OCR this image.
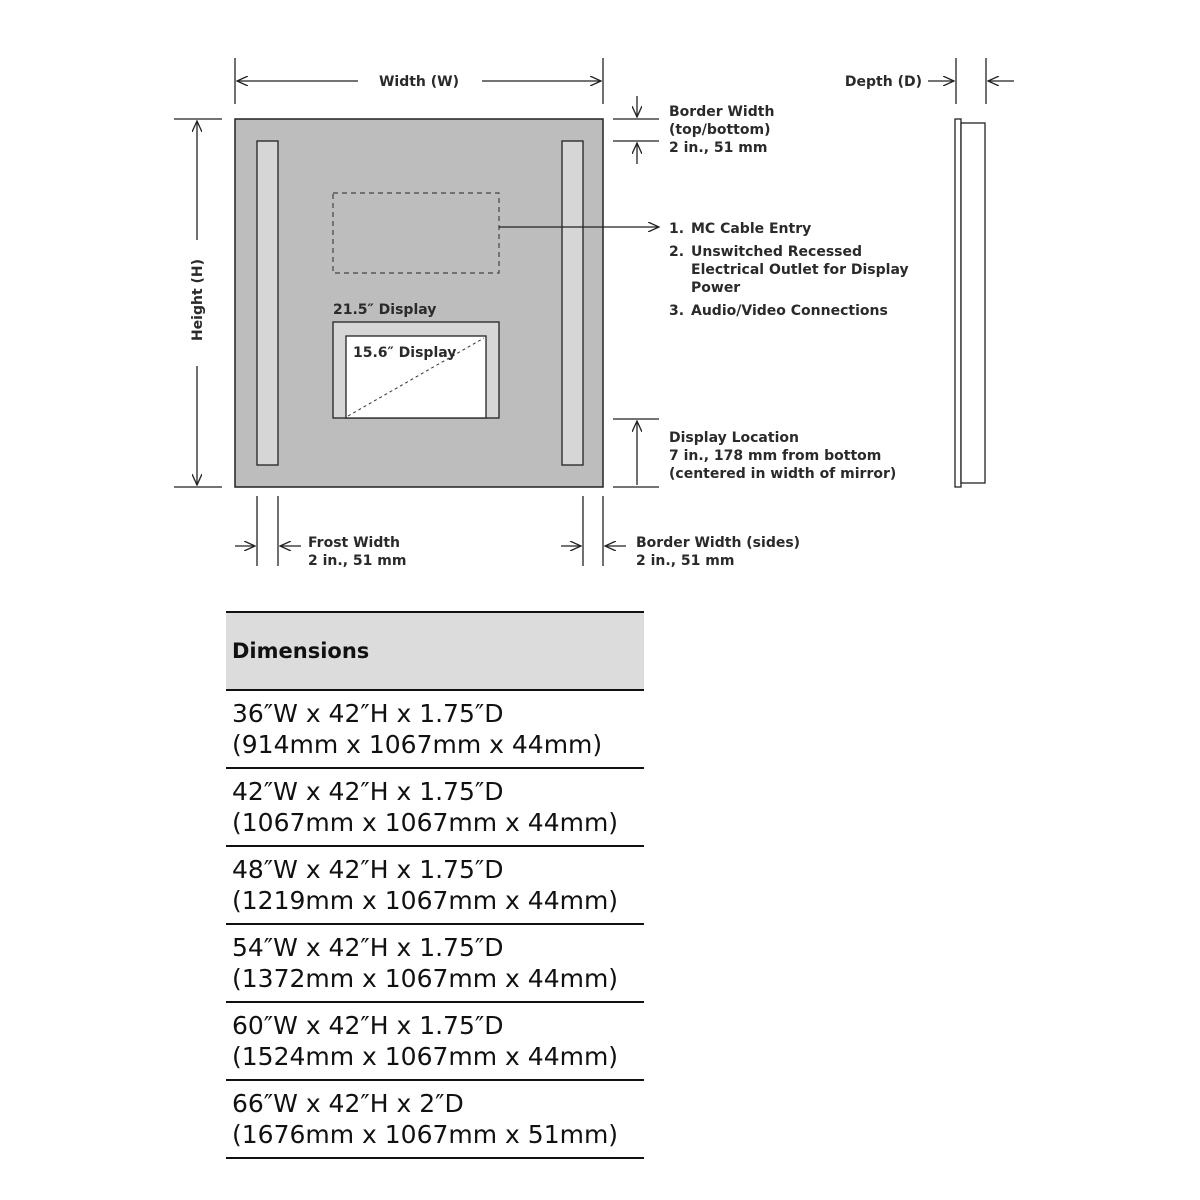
Width (W)	Depth (D)
Height (H)	21.5″ Display
15.6″ Display
Border Width
(top/bottom)
2 in., 51 mm
1. MC Cable Entry
2. Unswitched Recessed
Electrical Outlet for Display
Power
3. Audio/Video Connections
Display Location
7 in., 178 mm from bottom
(centered in width of mirror)
Frost Width
2 in., 51 mm
Border Width (sides)
2 in., 51 mm
Dimensions

36″W x 42″H x 1.75″D
(914mm x 1067mm x 44mm)

42″W x 42″H x 1.75″D
(1067mm x 1067mm x 44mm)

48″W x 42″H x 1.75″D
(1219mm x 1067mm x 44mm)

54″W x 42″H x 1.75″D
(1372mm x 1067mm x 44mm)

60″W x 42″H x 1.75″D
(1524mm x 1067mm x 44mm)

66″W x 42″H x 2″D
(1676mm x 1067mm x 51mm)
